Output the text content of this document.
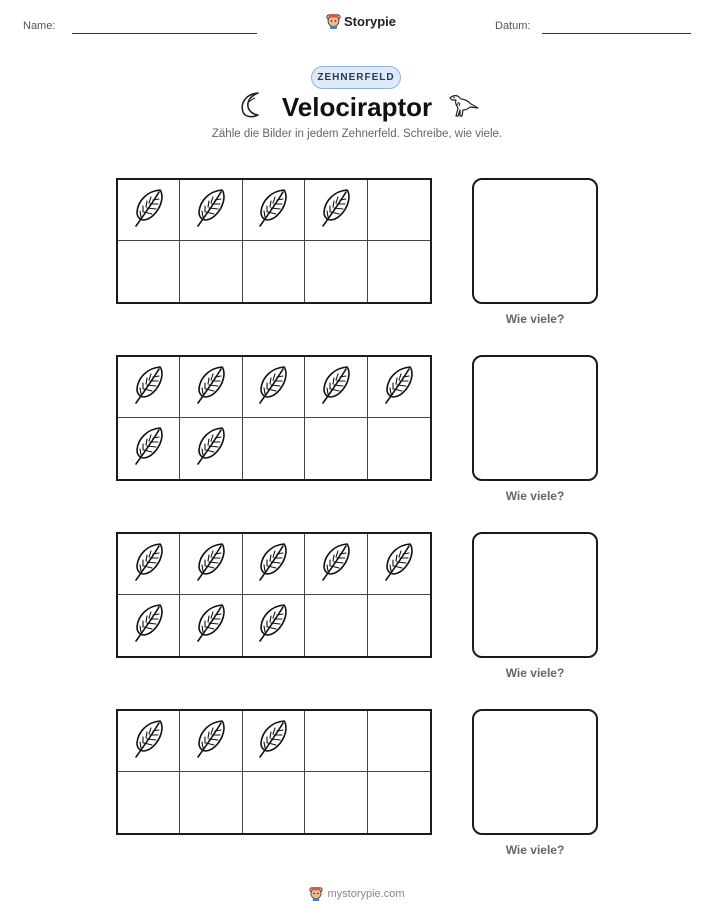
Name:	Storypie	Datum:
ZEHNERFELD
Velociraptor
Zähle die Bilder in jedem Zehnerfeld. Schreibe, wie viele.
Wie viele?
Wie viele?
Wie viele?
Wie viele?
mystorypie.com
